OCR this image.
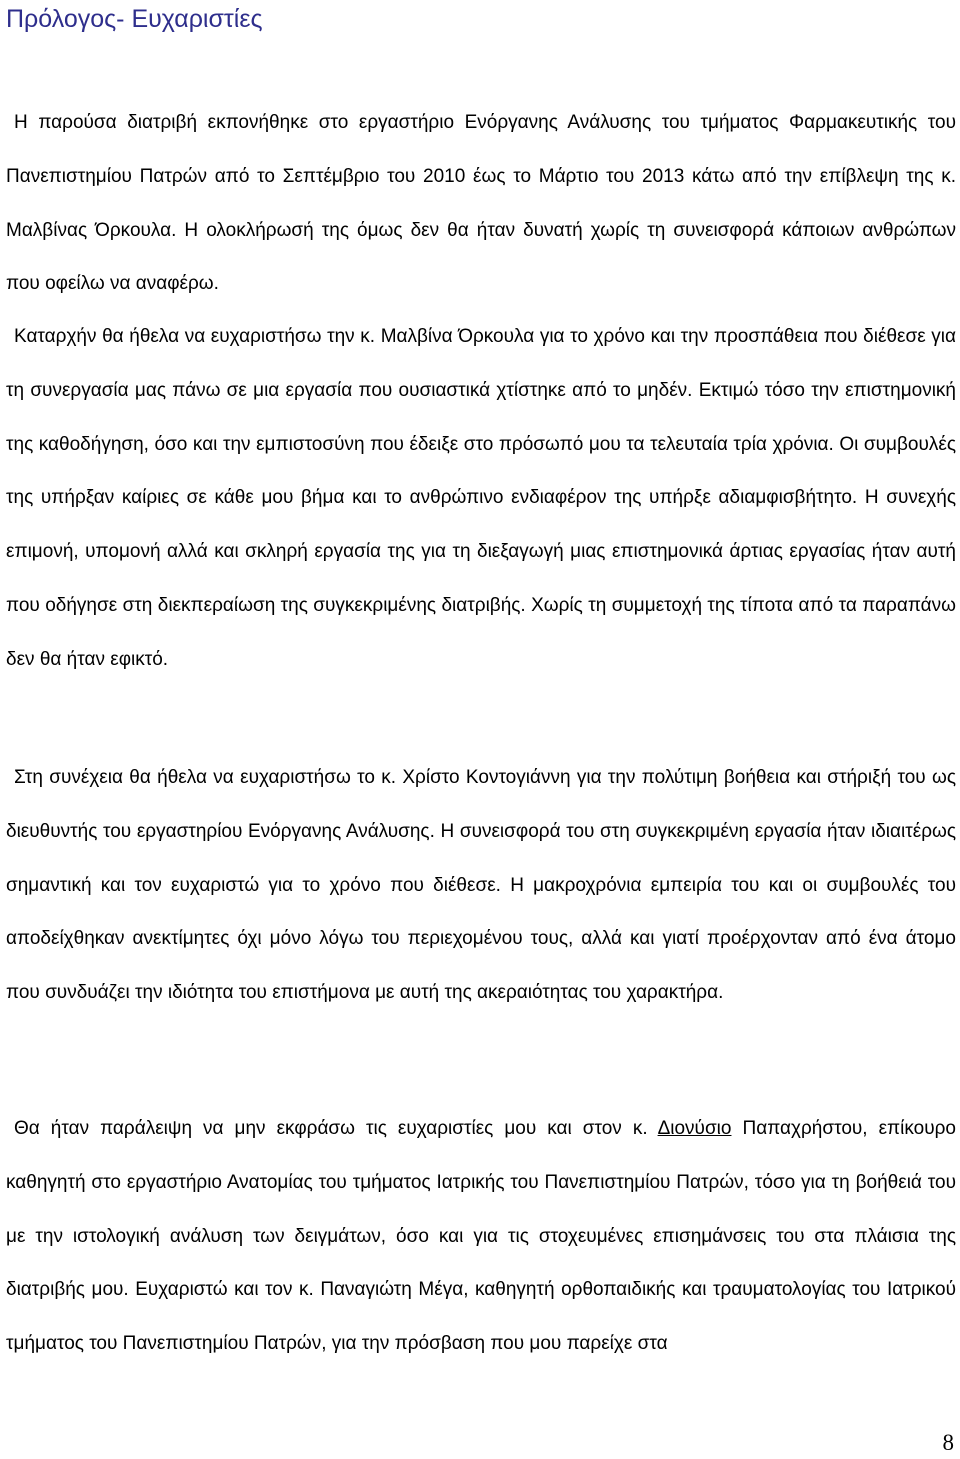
Πρόλογος- Ευχαριστίες

Η παρούσα διατριβή εκπονήθηκε στο εργαστήριο Ενόργανης Ανάλυσης του τμήματος Φαρμακευτικής του Πανεπιστημίου Πατρών από το Σεπτέμβριο του 2010 έως το Μάρτιο του 2013 κάτω από την επίβλεψη της κ. Μαλβίνας Όρκουλα. Η ολοκλήρωσή της όμως δεν θα ήταν δυνατή χωρίς τη συνεισφορά κάποιων ανθρώπων που οφείλω να αναφέρω.

Καταρχήν θα ήθελα να ευχαριστήσω την κ. Μαλβίνα Όρκουλα για το χρόνο και την προσπάθεια που διέθεσε για τη συνεργασία μας πάνω σε μια εργασία που ουσιαστικά χτίστηκε από το μηδέν. Εκτιμώ τόσο την επιστημονική της καθοδήγηση, όσο και την εμπιστοσύνη που έδειξε στο πρόσωπό μου τα τελευταία τρία χρόνια. Οι συμβουλές της υπήρξαν καίριες σε κάθε μου βήμα και το ανθρώπινο ενδιαφέρον της υπήρξε αδιαμφισβήτητο. Η συνεχής επιμονή, υπομονή αλλά και σκληρή εργασία της για τη διεξαγωγή μιας επιστημονικά άρτιας εργασίας ήταν αυτή που οδήγησε στη διεκπεραίωση της συγκεκριμένης διατριβής. Χωρίς τη συμμετοχή της τίποτα από τα παραπάνω δεν θα ήταν εφικτό.

Στη συνέχεια θα ήθελα να ευχαριστήσω το κ. Χρίστο Κοντογιάννη για την πολύτιμη βοήθεια και στήριξή του ως διευθυντής του εργαστηρίου Ενόργανης Ανάλυσης. Η συνεισφορά του στη συγκεκριμένη εργασία ήταν ιδιαιτέρως σημαντική και τον ευχαριστώ για το χρόνο που διέθεσε. Η μακροχρόνια εμπειρία του και οι συμβουλές του αποδείχθηκαν ανεκτίμητες όχι μόνο λόγω του περιεχομένου τους, αλλά και γιατί προέρχονταν από ένα άτομο που συνδυάζει την ιδιότητα του επιστήμονα με αυτή της ακεραιότητας του χαρακτήρα.

Θα ήταν παράλειψη να μην εκφράσω τις ευχαριστίες μου και στον κ. Διονύσιο Παπαχρήστου, επίκουρο καθηγητή στο εργαστήριο Ανατομίας του τμήματος Ιατρικής του Πανεπιστημίου Πατρών, τόσο για τη βοήθειά του με την ιστολογική ανάλυση των δειγμάτων, όσο και για τις στοχευμένες επισημάνσεις του στα πλάισια της διατριβής μου. Ευχαριστώ και τον κ. Παναγιώτη Μέγα, καθηγητή ορθοπαιδικής και τραυματολογίας του Ιατρικού τμήματος του Πανεπιστημίου Πατρών, για την πρόσβαση που μου παρείχε στα

8
